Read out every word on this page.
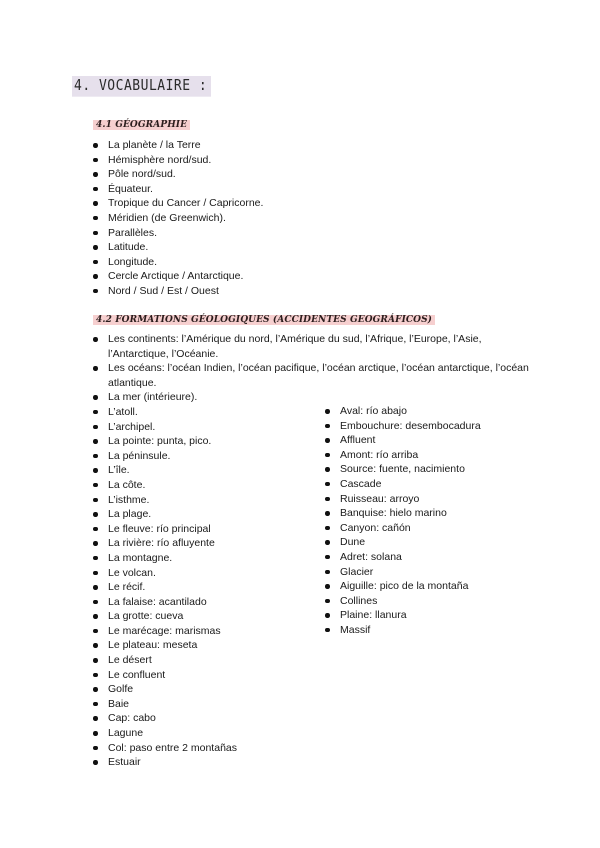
4. VOCABULAIRE :
4.1 GÉOGRAPHIE
La planète / la Terre
Hémisphère nord/sud.
Pôle nord/sud.
Équateur.
Tropique du Cancer / Capricorne.
Méridien (de Greenwich).
Parallèles.
Latitude.
Longitude.
Cercle Arctique / Antarctique.
Nord / Sud / Est / Ouest
4.2 FORMATIONS GÉOLOGIQUES (ACCIDENTES GEOGRÁFICOS)
Les continents: l’Amérique du nord, l’Amérique du sud, l’Afrique, l’Europe, l’Asie, l’Antarctique, l’Océanie.
Les océans: l’océan Indien, l’océan pacifique, l’océan arctique, l’océan antarctique, l’océan atlantique.
La mer (intérieure).
L’atoll.
L’archipel.
La pointe: punta, pico.
La péninsule.
L’île.
La côte.
L’isthme.
La plage.
Le fleuve: río principal
La rivière: río afluyente
La montagne.
Le volcan.
Le récif.
La falaise: acantilado
La grotte: cueva
Le marécage: marismas
Le plateau: meseta
Le désert
Le confluent
Golfe
Baie
Cap: cabo
Lagune
Col: paso entre 2 montañas
Estuair
Aval: río abajo
Embouchure: desembocadura
Affluent
Amont: río arriba
Source: fuente, nacimiento
Cascade
Ruisseau: arroyo
Banquise: hielo marino
Canyon: cañón
Dune
Adret: solana
Glacier
Aiguille: pico de la montaña
Collines
Plaine: llanura
Massif
